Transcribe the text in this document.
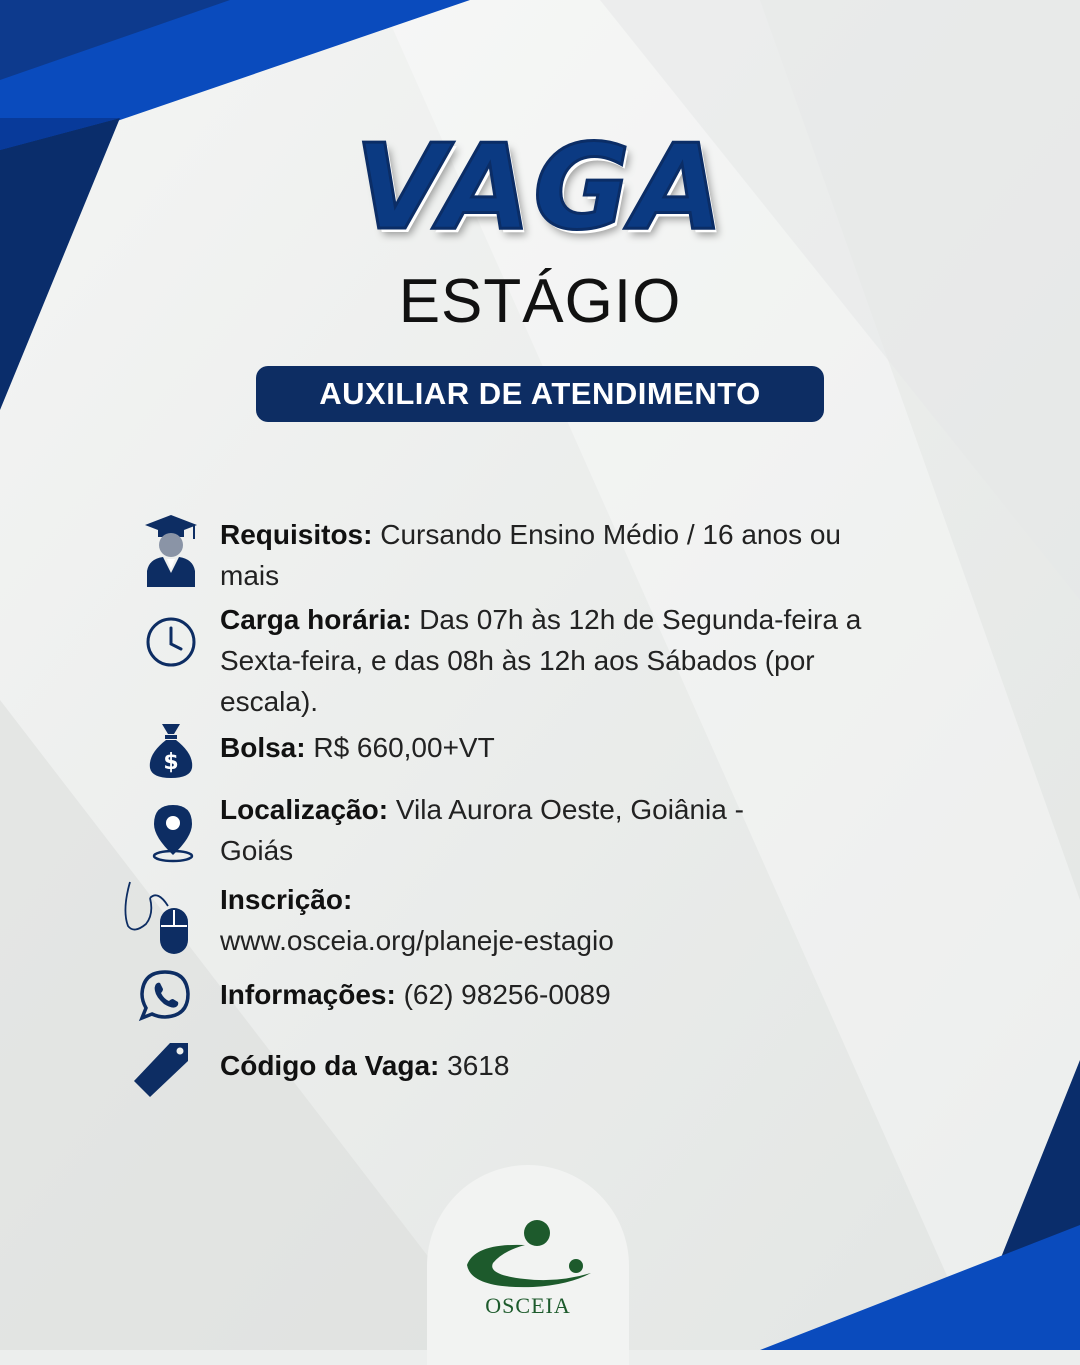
VAGA
ESTÁGIO
AUXILIAR DE ATENDIMENTO
$
Requisitos: Cursando Ensino Médio / 16 anos ou mais
Carga horária: Das 07h às 12h de Segunda-feira a Sexta-feira, e das 08h às 12h aos Sábados (por escala).
Bolsa: R$ 660,00+VT
Localização: Vila Aurora Oeste, Goiânia - Goiás
Inscrição:
www.osceia.org/planeje-estagio
Informações: (62) 98256-0089
Código da Vaga: 3618
OSCEIA
